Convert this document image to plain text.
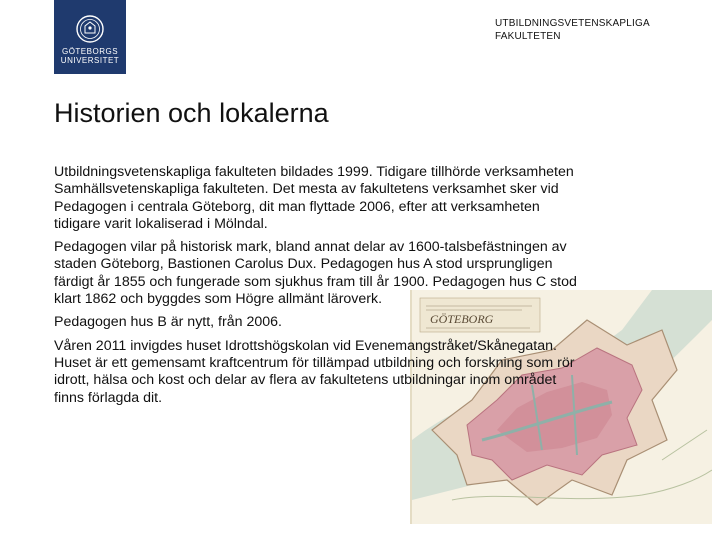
GÖTEBORGS
UNIVERSITET
UTBILDNINGSVETENSKAPLIGA FAKULTETEN
Historien och lokalerna
GÖTEBORG

Utbildningsvetenskapliga fakulteten bildades 1999. Tidigare tillhörde verksamheten Samhällsvetenskapliga fakulteten. Det mesta av fakultetens verksamhet sker vid Pedagogen i centrala Göteborg, dit man flyttade 2006, efter att verksamheten tidigare varit lokaliserad i Mölndal.

Pedagogen vilar på historisk mark, bland annat delar av 1600-talsbefästningen av staden Göteborg, Bastionen Carolus Dux. Pedagogen hus A stod ursprungligen färdigt år 1855 och fungerade som sjukhus fram till år 1900. Pedagogen hus C stod klart 1862 och byggdes som Högre allmänt läroverk.

Pedagogen hus B är nytt, från 2006.

Våren 2011 invigdes huset Idrottshögskolan vid Evenemangstråket/Skånegatan. Huset är ett gemensamt kraftcentrum för tillämpad utbildning och forskning som rör idrott, hälsa och kost och delar av flera av fakultetens utbildningar inom området finns förlagda dit.
